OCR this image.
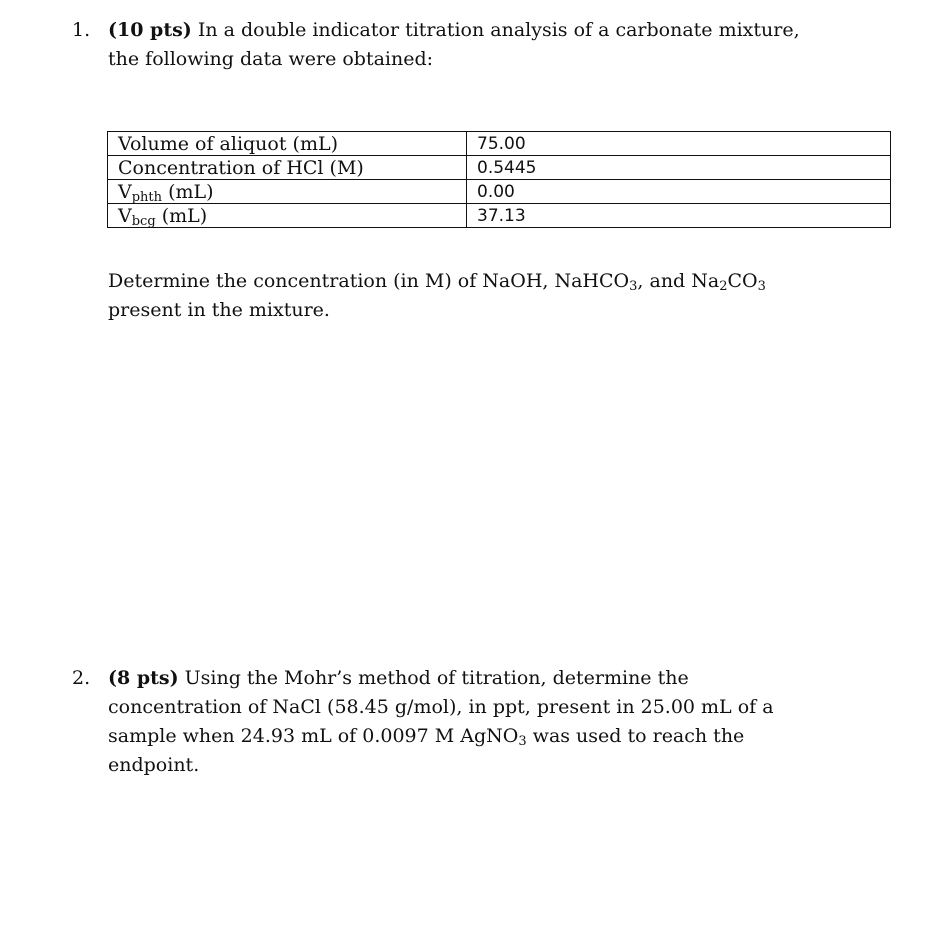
1. (10 pts) In a double indicator titration analysis of a carbonate mixture,
the following data were obtained:
Volume of aliquot (mL)	75.00
Concentration of HCl (M)	0.5445
$V_{phth}$ (mL)	0.00
$V_{bcg}$ (mL)	37.13
Determine the concentration (in M) of NaOH, NaHCO$_3$, and $Na_2CO_3$
present in the mixture.
2. (8 pts) Using the Mohr’s method of titration, determine the
concentration of NaCl (58.45 g/mol), in ppt, present in 25.00 mL of a
sample when 24.93 mL of 0.0097 M AgNO$_3$ was used to reach the
endpoint.
